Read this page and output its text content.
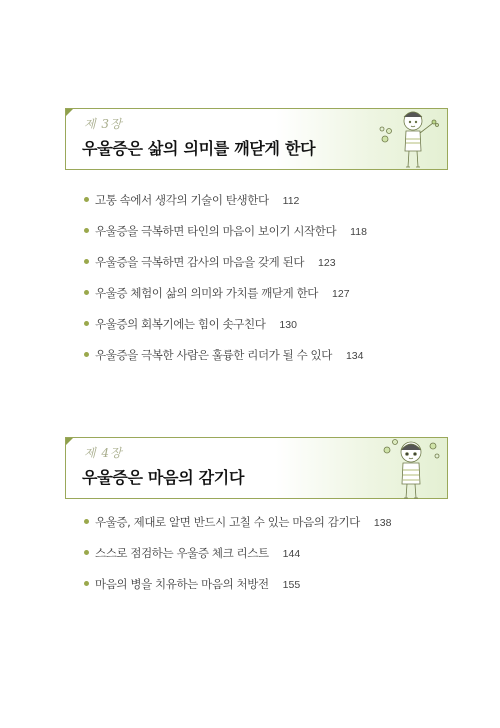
제 3장
우울증은 삶의 의미를 깨닫게 한다
고통 속에서 생각의 기술이 탄생한다 112
우울증을 극복하면 타인의 마음이 보이기 시작한다 118
우울증을 극복하면 감사의 마음을 갖게 된다 123
우울증 체험이 삶의 의미와 가치를 깨닫게 한다 127
우울증의 회복기에는 힘이 솟구친다 130
우울증을 극복한 사람은 훌륭한 리더가 될 수 있다 134
제 4장
우울증은 마음의 감기다
우울증, 제대로 알면 반드시 고칠 수 있는 마음의 감기다 138
스스로 점검하는 우울증 체크 리스트 144
마음의 병을 치유하는 마음의 처방전 155
